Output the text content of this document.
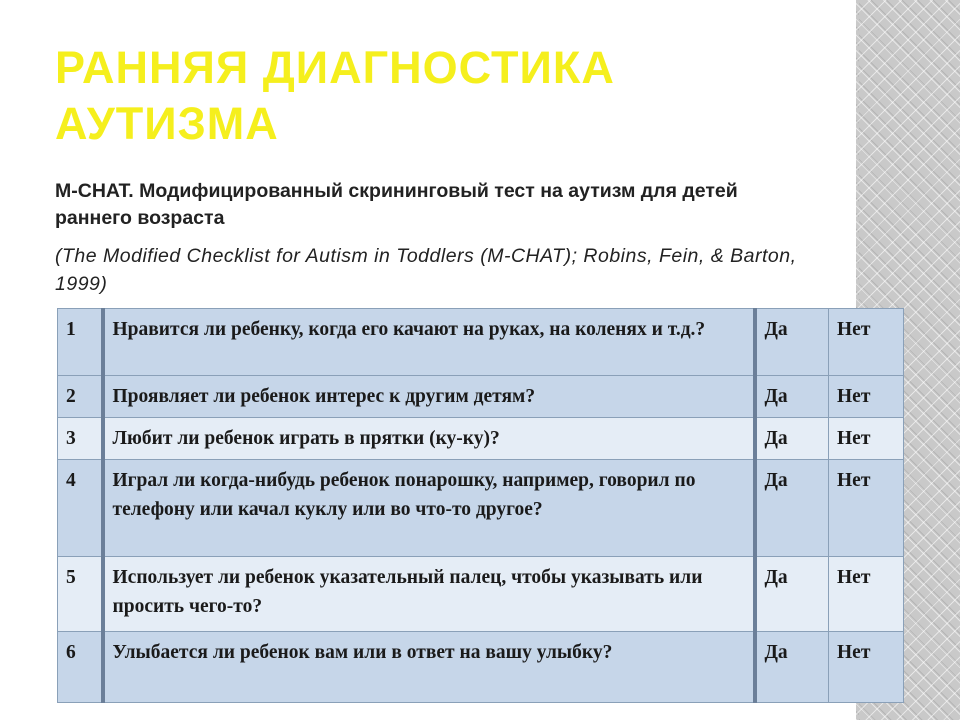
РАННЯЯ ДИАГНОСТИКА АУТИЗМА

M-CHAT. Модифицированный скрининговый тест на аутизм для детей раннего возраста

(The Modified Checklist for Autism in Toddlers (M-CHAT); Robins, Fein, & Barton, 1999)

1	Нравится ли ребенку, когда его качают на руках, на коленях и т.д.?	Да	Нет
2	Проявляет ли ребенок интерес к другим детям?	Да	Нет
3	Любит ли ребенок играть в прятки (ку-ку)?	Да	Нет
4	Играл ли когда-нибудь ребенок понарошку, например, говорил по телефону или качал куклу или во что-то другое?	Да	Нет
5	Использует ли ребенок указательный палец, чтобы указывать или просить чего-то?	Да	Нет
6	Улыбается ли ребенок вам или в ответ на вашу улыбку?	Да	Нет
